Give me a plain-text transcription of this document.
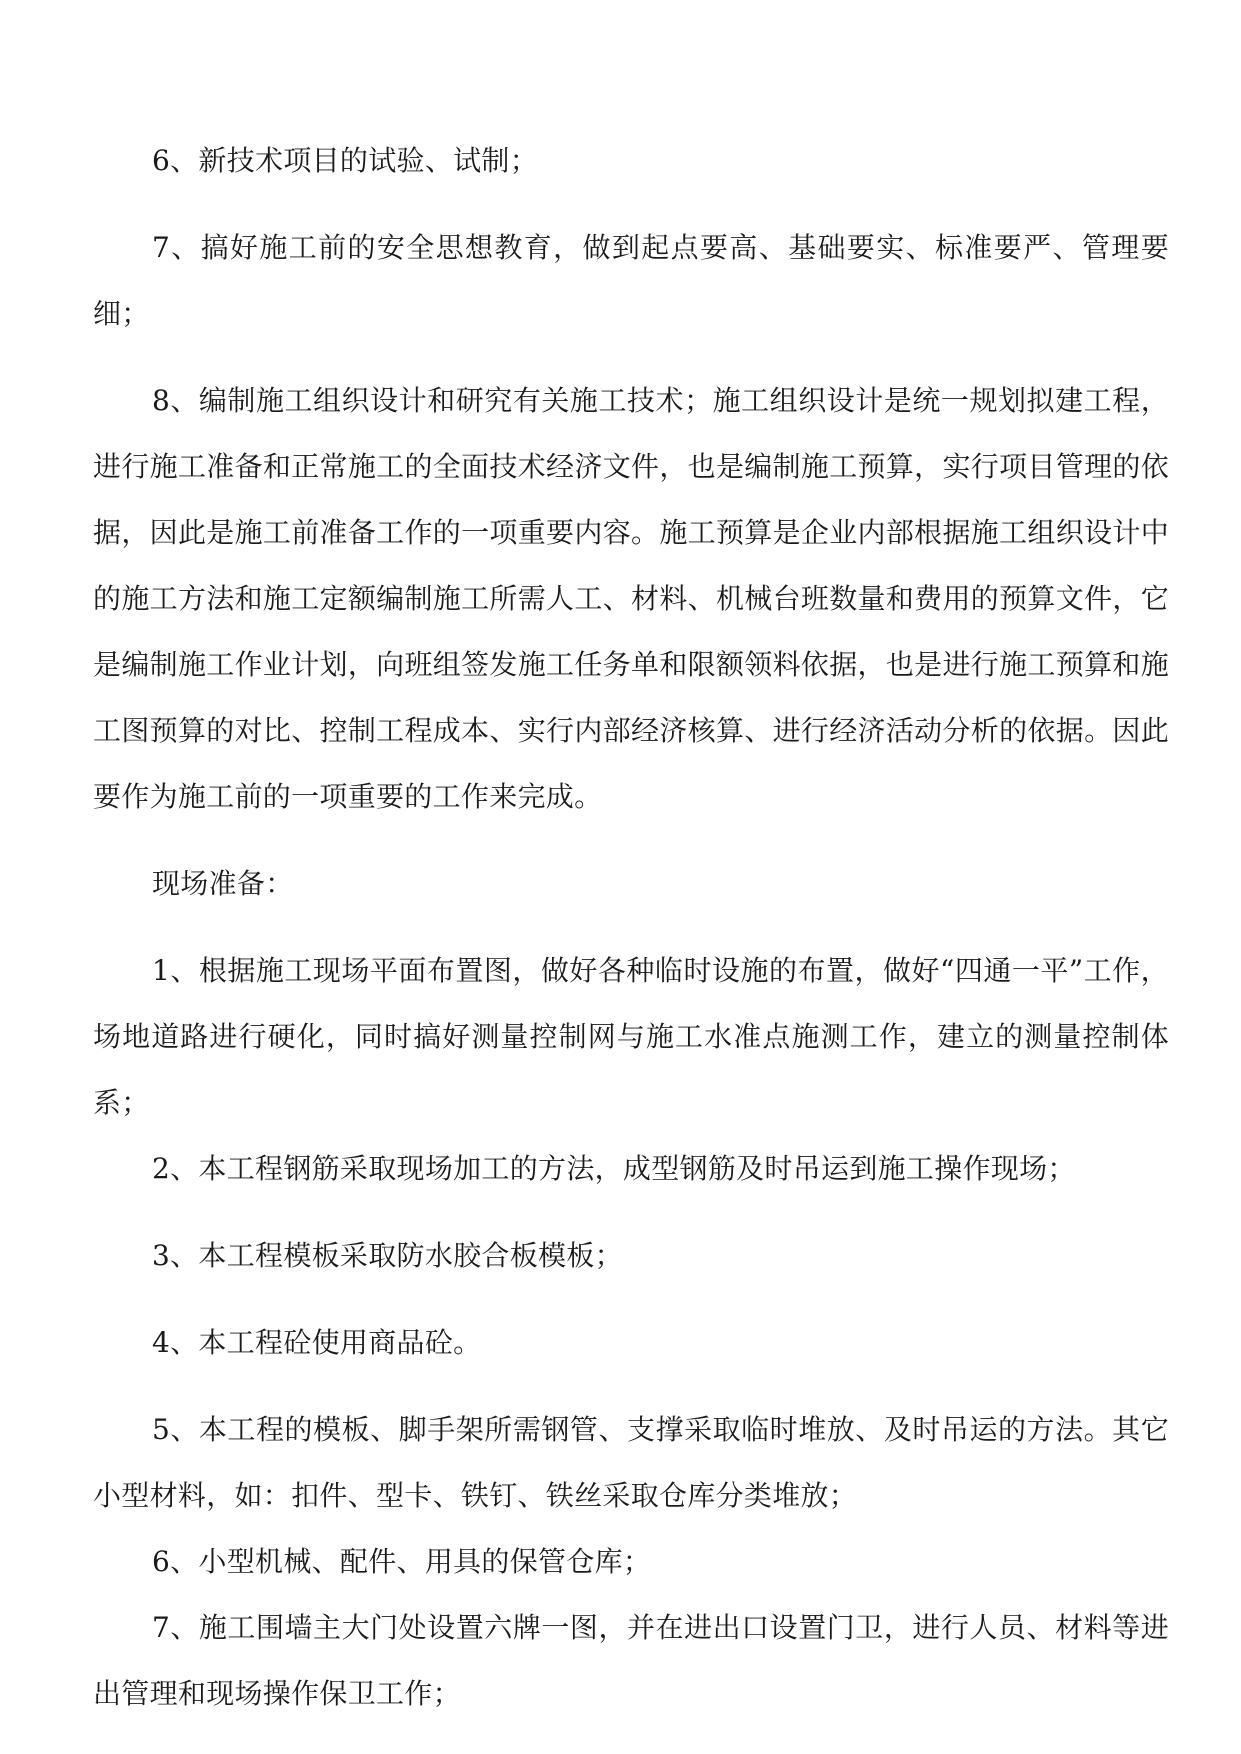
6、新技术项目的试验、试制；

7、搞好施工前的安全思想教育，做到起点要高、基础要实、标准要严、管理要细；

8、编制施工组织设计和研究有关施工技术；施工组织设计是统一规划拟建工程，进行施工准备和正常施工的全面技术经济文件，也是编制施工预算，实行项目管理的依据，因此是施工前准备工作的一项重要内容。施工预算是企业内部根据施工组织设计中的施工方法和施工定额编制施工所需人工、材料、机械台班数量和费用的预算文件，它是编制施工作业计划，向班组签发施工任务单和限额领料依据，也是进行施工预算和施工图预算的对比、控制工程成本、实行内部经济核算、进行经济活动分析的依据。因此要作为施工前的一项重要的工作来完成。

现场准备：

1、根据施工现场平面布置图，做好各种临时设施的布置，做好“四通一平”工作，场地道路进行硬化，同时搞好测量控制网与施工水准点施测工作，建立的测量控制体系；

2、本工程钢筋采取现场加工的方法，成型钢筋及时吊运到施工操作现场；

3、本工程模板采取防水胶合板模板；

4、本工程砼使用商品砼。

5、本工程的模板、脚手架所需钢管、支撑采取临时堆放、及时吊运的方法。其它小型材料，如：扣件、型卡、铁钉、铁丝采取仓库分类堆放；

6、小型机械、配件、用具的保管仓库；

7、施工围墙主大门处设置六牌一图，并在进出口设置门卫，进行人员、材料等进出管理和现场操作保卫工作；
